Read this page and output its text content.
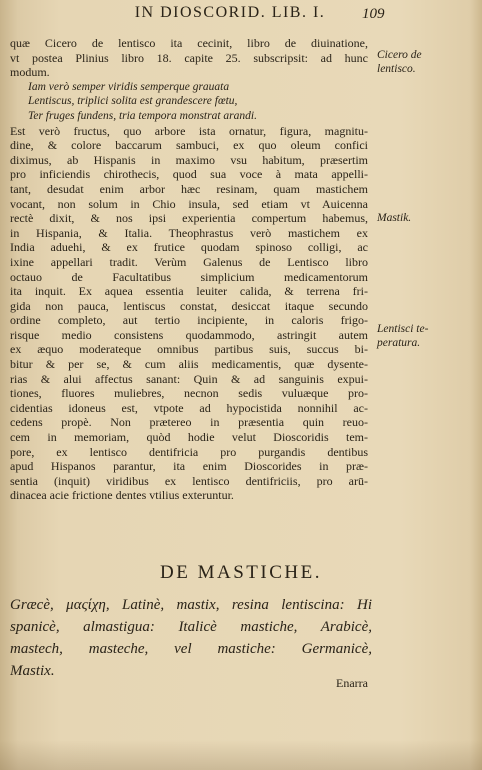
IN DIOSCORID. LIB. I.	109
quæ Cicero de lentisco ita cecinit, libro de diuinatione,
vt postea Plinius libro 18. capite 25. subscripsit: ad hunc
modum.
Iam verò semper viridis semperque grauata
Lentiscus, triplici solita est grandescere fœtu,
Ter fruges fundens, tria tempora monstrat arandi.
Est verò fructus, quo arbore ista ornatur, figura, magnitu-
dine, & colore baccarum sambuci, ex quo oleum confici
diximus, ab Hispanis in maximo vsu habitum, præsertim
pro inficiendis chirothecis, quod sua voce à mata appelli-
tant, desudat enim arbor hæc resinam, quam mastichem
vocant, non solum in Chio insula, sed etiam vt Auicenna
rectè dixit, & nos ipsi experientia compertum habemus,
in Hispania, & Italia. Theophrastus verò mastichem ex
India aduehi, & ex frutice quodam spinoso colligi, ac
ixine appellari tradit. Verùm Galenus de Lentisco libro
octauo de Facultatibus simplicium medicamentorum
ita inquit. Ex aquea essentia leuiter calida, & terrena fri-
gida non pauca, lentiscus constat, desiccat itaque secundo
ordine completo, aut tertio incipiente, in caloris frigo-
risque medio consistens quodammodo, astringit autem
ex æquo moderateque omnibus partibus suis, succus bi-
bitur & per se, & cum aliis medicamentis, quæ dysente-
rias & alui affectus sanant: Quin & ad sanguinis expui-
tiones, fluores muliebres, necnon sedis vuluæque pro-
cidentias idoneus est, vtpote ad hypocistida nonnihil ac-
cedens propè. Non prætereo in præsentia quin reuo-
cem in memoriam, quòd hodie velut Dioscoridis tem-
pore, ex lentisco dentifricia pro purgandis dentibus
apud Hispanos parantur, ita enim Dioscorides in præ-
sentia (inquit) viridibus ex lentisco dentifriciis, pro arū-
dinacea acie frictione dentes vtilius exteruntur.
Cicero de
lentisco.
Mastik.
Lentisci te-
peratura.
DE MASTICHE.
Græcè, μαςίχη, Latinè, mastix, resina lentiscina: Hi
spanicè, almastigua: Italicè mastiche, Arabicè,
mastech, masteche, vel mastiche: Germanicè,
Mastix.
Enarra
